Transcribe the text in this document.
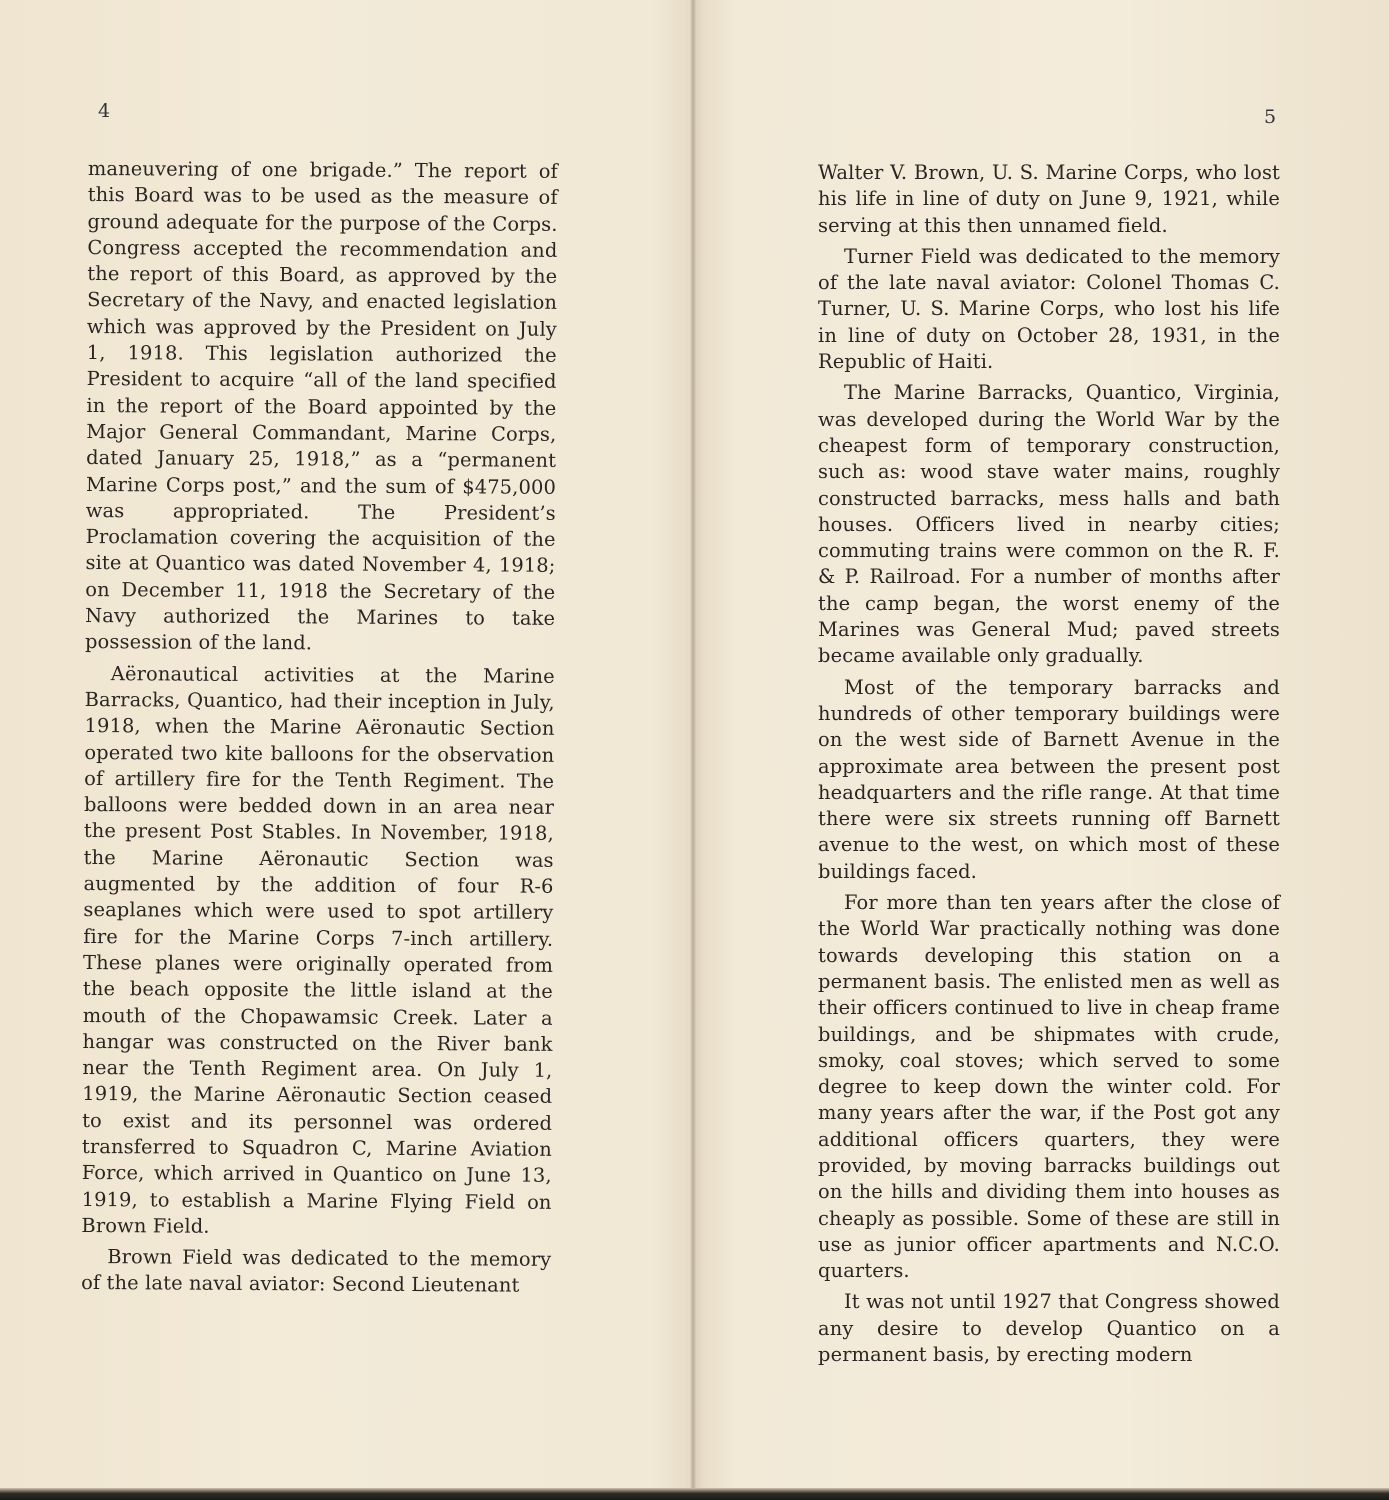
4	5

maneuvering of one brigade.” The report of this Board was to be used as the measure of ground adequate for the purpose of the Corps. Congress accepted the recommendation and the report of this Board, as approved by the Secretary of the Navy, and enacted legislation which was approved by the President on July 1, 1918. This legislation authorized the President to acquire “all of the land specified in the report of the Board appointed by the Major General Commandant, Marine Corps, dated January 25, 1918,” as a “permanent Marine Corps post,” and the sum of $475,000 was appropriated. The President’s Proclamation covering the acquisition of the site at Quantico was dated November 4, 1918; on December 11, 1918 the Secretary of the Navy authorized the Marines to take possession of the land.

Aëronautical activities at the Marine Barracks, Quantico, had their inception in July, 1918, when the Marine Aëronautic Section operated two kite balloons for the observation of artillery fire for the Tenth Regiment. The balloons were bedded down in an area near the present Post Stables. In November, 1918, the Marine Aëronautic Section was augmented by the addition of four R-6 seaplanes which were used to spot artillery fire for the Marine Corps 7-inch artillery. These planes were originally operated from the beach opposite the little island at the mouth of the Chopawamsic Creek. Later a hangar was constructed on the River bank near the Tenth Regiment area. On July 1, 1919, the Marine Aëronautic Section ceased to exist and its personnel was ordered transferred to Squadron C, Marine Aviation Force, which arrived in Quantico on June 13, 1919, to establish a Marine Flying Field on Brown Field.

Brown Field was dedicated to the memory of the late naval aviator: Second Lieutenant

Walter V. Brown, U. S. Marine Corps, who lost his life in line of duty on June 9, 1921, while serving at this then unnamed field.

Turner Field was dedicated to the memory of the late naval aviator: Colonel Thomas C. Turner, U. S. Marine Corps, who lost his life in line of duty on October 28, 1931, in the Republic of Haiti.

The Marine Barracks, Quantico, Virginia, was developed during the World War by the cheapest form of temporary construction, such as: wood stave water mains, roughly constructed barracks, mess halls and bath houses. Officers lived in nearby cities; commuting trains were common on the R. F. & P. Railroad. For a number of months after the camp began, the worst enemy of the Marines was General Mud; paved streets became available only gradually.

Most of the temporary barracks and hundreds of other temporary buildings were on the west side of Barnett Avenue in the approximate area between the present post headquarters and the rifle range. At that time there were six streets running off Barnett avenue to the west, on which most of these buildings faced.

For more than ten years after the close of the World War practically nothing was done towards developing this station on a permanent basis. The enlisted men as well as their officers continued to live in cheap frame buildings, and be shipmates with crude, smoky, coal stoves; which served to some degree to keep down the winter cold. For many years after the war, if the Post got any additional officers quarters, they were provided, by moving barracks buildings out on the hills and dividing them into houses as cheaply as possible. Some of these are still in use as junior officer apartments and N.C.O. quarters.

It was not until 1927 that Congress showed any desire to develop Quantico on a permanent basis, by erecting modern
